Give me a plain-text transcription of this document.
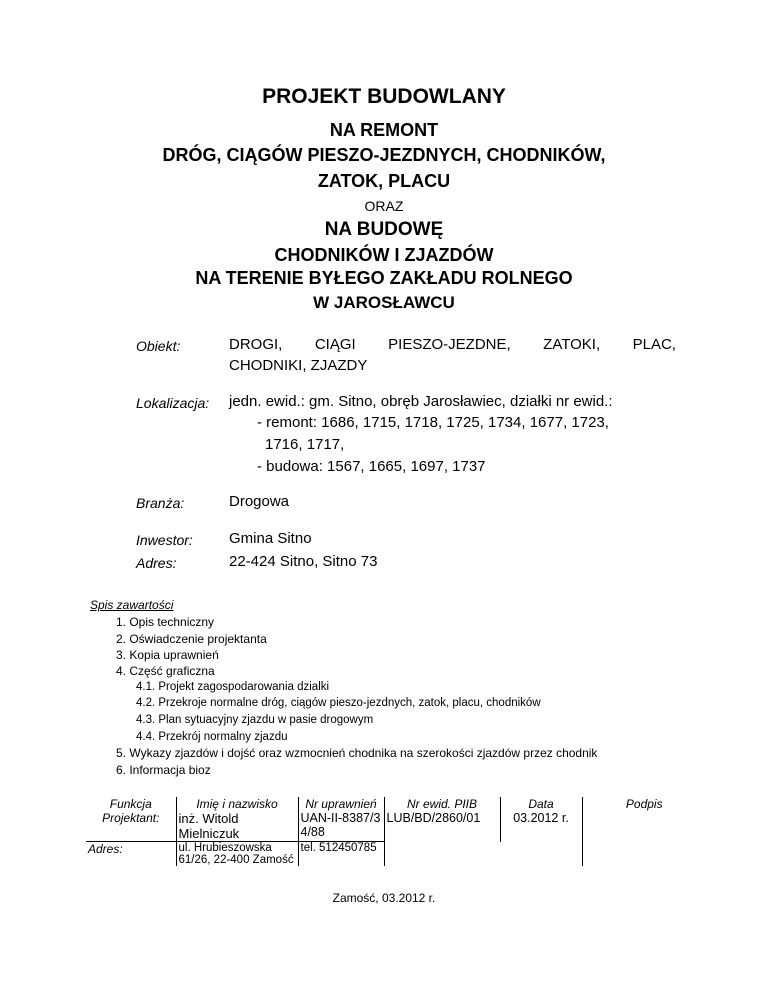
PROJEKT BUDOWLANY
NA REMONT
DRÓG, CIĄGÓW PIESZO-JEZDNYCH, CHODNIKÓW,
ZATOK, PLACU
ORAZ
NA BUDOWĘ
CHODNIKÓW I ZJAZDÓW
NA TERENIE BYŁEGO ZAKŁADU ROLNEGO
W JAROSŁAWCU
Obiekt:	DROGI, CIĄGI PIESZO-JEZDNE, ZATOKI, PLAC,
CHODNIKI, ZJAZDY
Lokalizacja: jedn. ewid.: gm. Sitno, obręb Jarosławiec, działki nr ewid.:
- remont: 1686, 1715, 1718, 1725, 1734, 1677, 1723,
1716, 1717,
- budowa: 1567, 1665, 1697, 1737
Branża:	Drogowa
Inwestor: Gmina Sitno
Adres:	22-424 Sitno, Sitno 73
Spis zawartości
1. Opis techniczny
2. Oświadczenie projektanta
3. Kopia uprawnień
4. Część graficzna
4.1. Projekt zagospodarowania dzialki
4.2. Przekroje normalne dróg, ciągów pieszo-jezdnych, zatok, placu, chodników
4.3. Plan sytuacyjny zjazdu w pasie drogowym
4.4. Przekrój normalny zjazdu
5. Wykazy zjazdów i dojść oraz wzmocnień chodnika na szerokości zjazdów przez chodnik
6. Informacja bioz
Funkcja	Imię i nazwisko	Nr uprawnień	Nr ewid. PIIB	Data	Podpis
Projektant:	inż. Witold Mielniczuk	UAN-II-8387/34/88	LUB/BD/2860/01	03.2012 r.	
Adres:	ul. Hrubieszowska 61/26, 22-400 Zamość	tel. 512450785			
Zamość, 03.2012 r.
